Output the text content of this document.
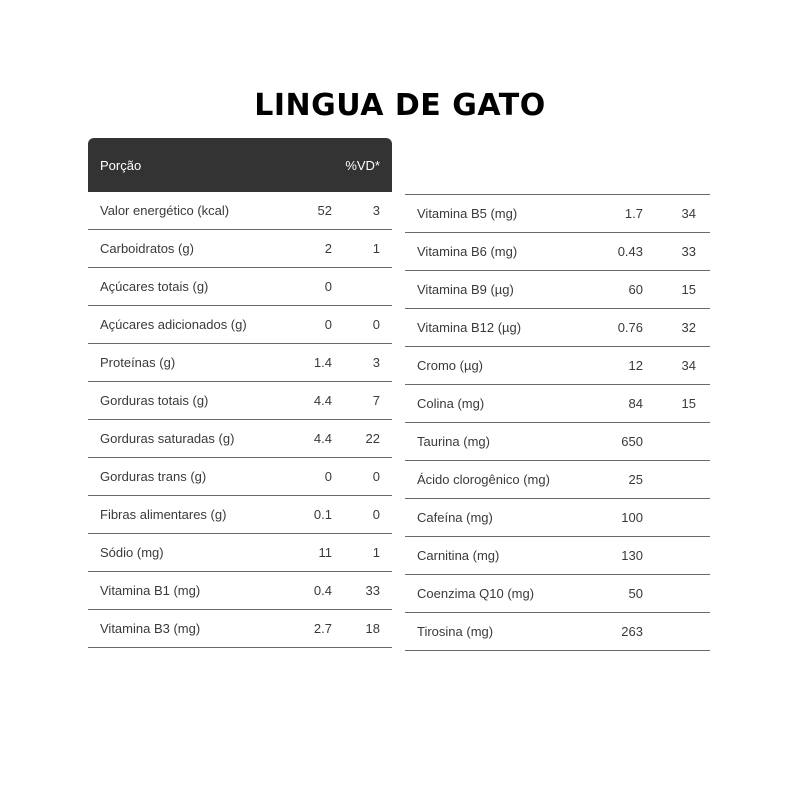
LINGUA DE GATO
Porção	%VD*
Valor energético (kcal)	52	3
Carboidratos (g)	2	1
Açúcares totais (g)	0
Açúcares adicionados (g)	0	0
Proteínas (g)	1.4	3
Gorduras totais (g)	4.4	7
Gorduras saturadas (g)	4.4	22
Gorduras trans (g)	0	0
Fibras alimentares (g)	0.1	0
Sódio (mg)	11	1
Vitamina B1 (mg)	0.4	33
Vitamina B3 (mg)	2.7	18
Vitamina B5 (mg)	1.7	34
Vitamina B6 (mg)	0.43	33
Vitamina B9 (µg)	60	15
Vitamina B12 (µg)	0.76	32
Cromo (µg)	12	34
Colina (mg)	84	15
Taurina (mg)	650
Ácido clorogênico (mg)	25
Cafeína (mg)	100
Carnitina (mg)	130
Coenzima Q10 (mg)	50
Tirosina (mg)	263
